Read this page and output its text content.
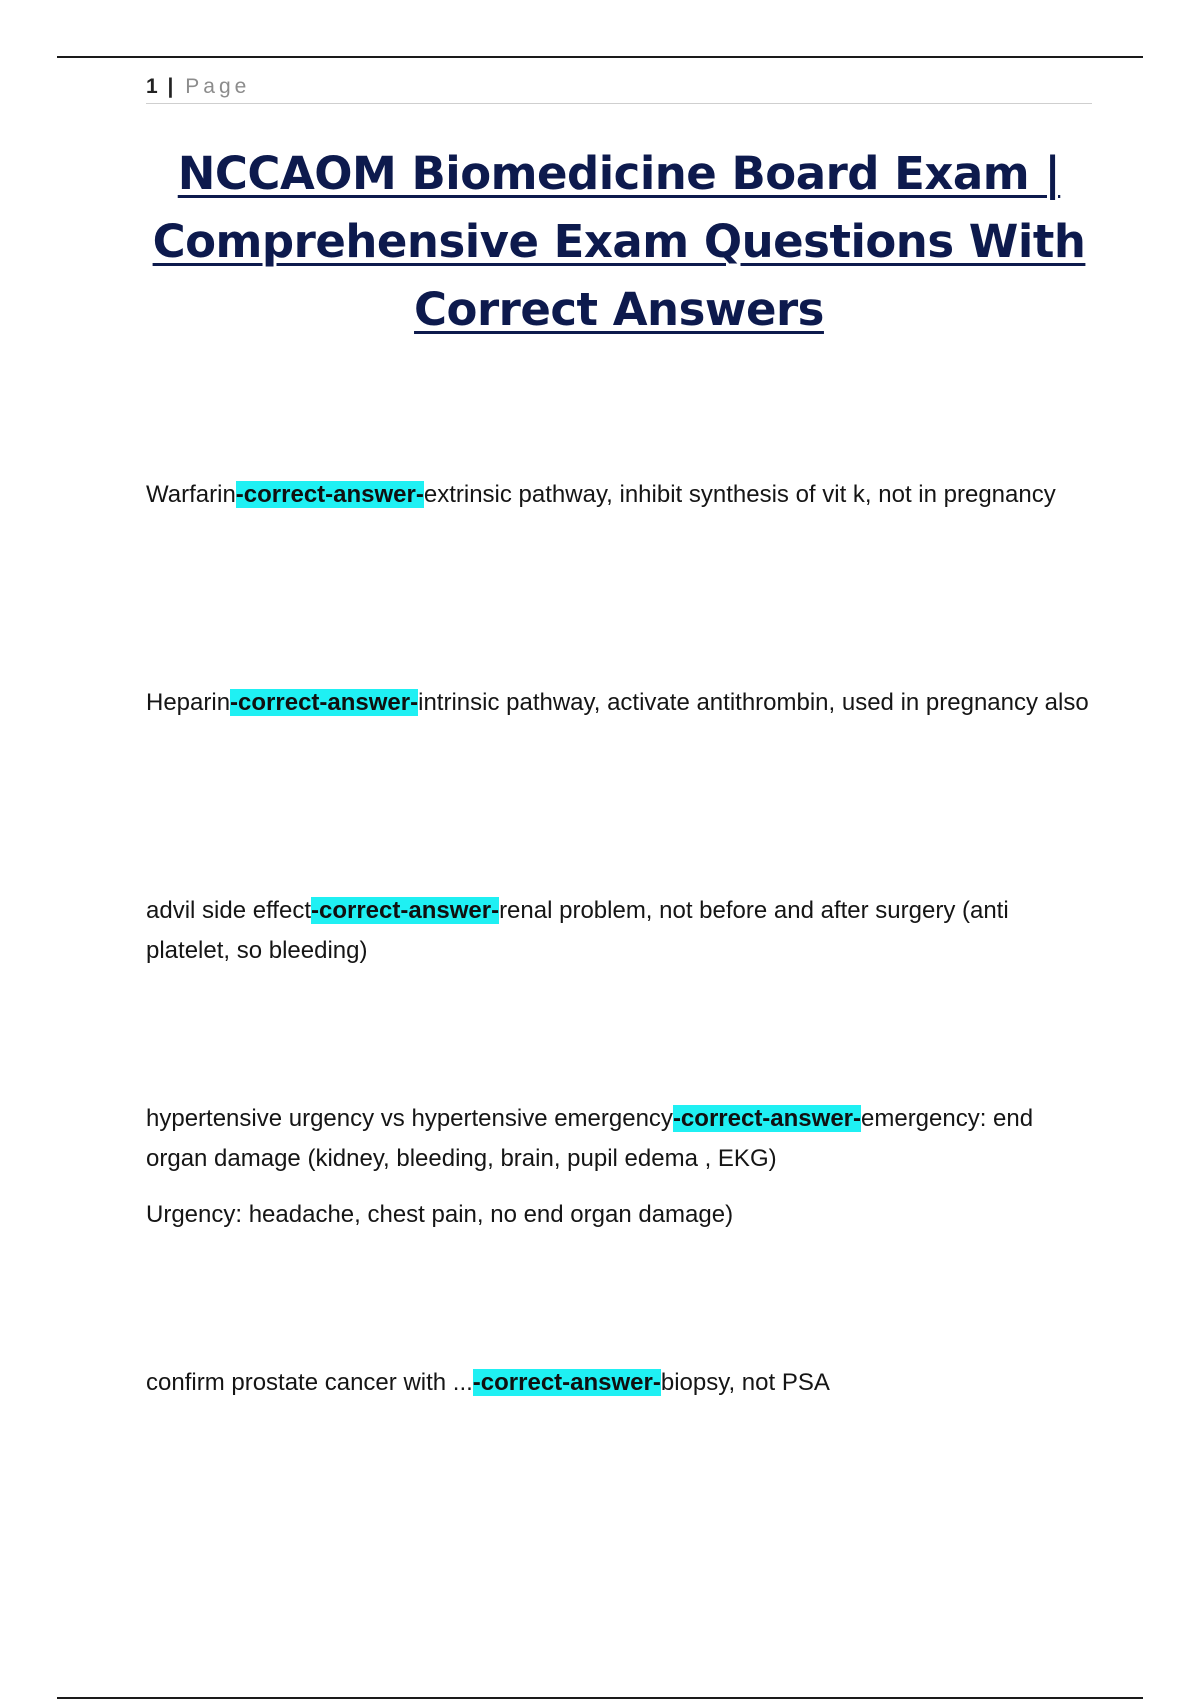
1 | Page
NCCAOM Biomedicine Board Exam | Comprehensive Exam Questions With Correct Answers

Warfarin-correct-answer-extrinsic pathway, inhibit synthesis of vit k, not in pregnancy

Heparin-correct-answer-intrinsic pathway, activate antithrombin, used in pregnancy also

advil side effect-correct-answer-renal problem, not before and after surgery (anti platelet, so bleeding)

hypertensive urgency vs hypertensive emergency-correct-answer-emergency: end organ damage (kidney, bleeding, brain, pupil edema , EKG)

Urgency: headache, chest pain, no end organ damage)

confirm prostate cancer with ...-correct-answer-biopsy, not PSA
